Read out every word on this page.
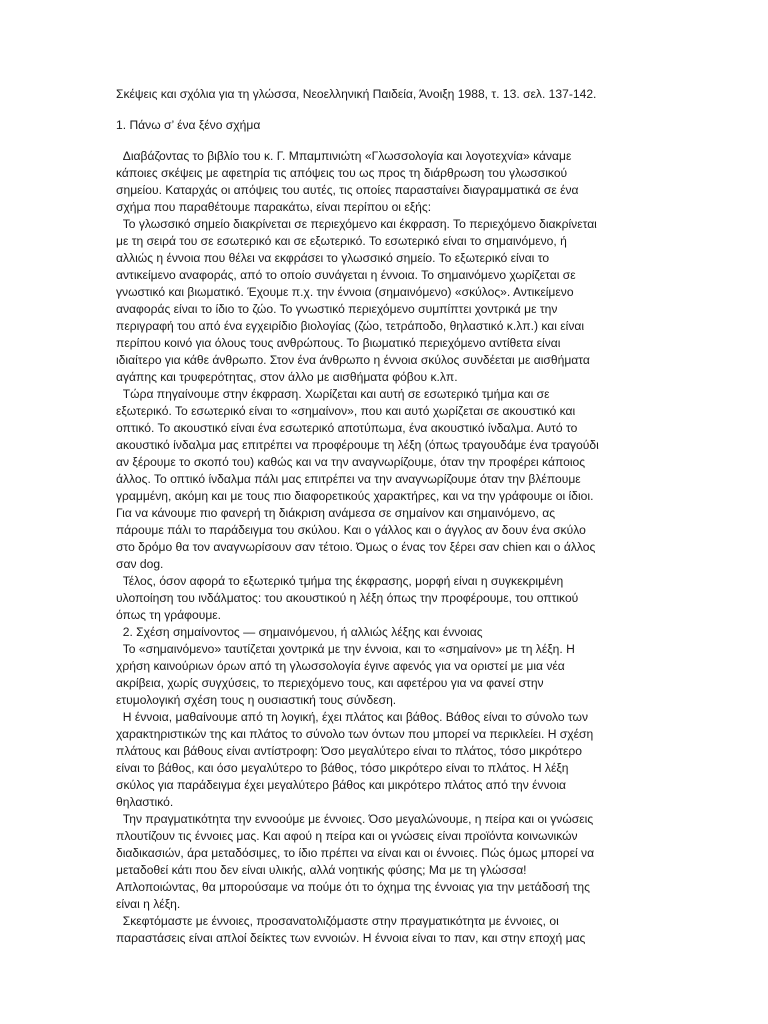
Σκέψεις και σχόλια για τη γλώσσα, Νεοελληνική Παιδεία, Άνοιξη 1988, τ. 13. σελ. 137-142.

1. Πάνω σ’ ένα ξένο σχήμα

Διαβάζοντας το βιβλίο του κ. Γ. Μπαμπινιώτη «Γλωσσολογία και λογοτεχνία» κάναμε
κάποιες σκέψεις με αφετηρία τις απόψεις του ως προς τη διάρθρωση του γλωσσικού
σημείου. Καταρχάς οι απόψεις του αυτές, τις οποίες παρασταίνει διαγραμματικά σε ένα
σχήμα που παραθέτουμε παρακάτω, είναι περίπου οι εξής:

Το γλωσσικό σημείο διακρίνεται σε περιεχόμενο και έκφραση. Το περιεχόμενο διακρίνεται
με τη σειρά του σε εσωτερικό και σε εξωτερικό. Το εσωτερικό είναι το σημαινόμενο, ή
αλλιώς η έννοια που θέλει να εκφράσει το γλωσσικό σημείο. Το εξωτερικό είναι το
αντικείμενο αναφοράς, από το οποίο συνάγεται η έννοια. Το σημαινόμενο χωρίζεται σε
γνωστικό και βιωματικό. Έχουμε π.χ. την έννοια (σημαινόμενο) «σκύλος». Αντικείμενο
αναφοράς είναι το ίδιο το ζώο. Το γνωστικό περιεχόμενο συμπίπτει χοντρικά με την
περιγραφή του από ένα εγχειρίδιο βιολογίας (ζώο, τετράποδο, θηλαστικό κ.λπ.) και είναι
περίπου κοινό για όλους τους ανθρώπους. Το βιωματικό περιεχόμενο αντίθετα είναι
ιδιαίτερο για κάθε άνθρωπο. Στον ένα άνθρωπο η έννοια σκύλος συνδέεται με αισθήματα
αγάπης και τρυφερότητας, στον άλλο με αισθήματα φόβου κ.λπ.

Τώρα πηγαίνουμε στην έκφραση. Χωρίζεται και αυτή σε εσωτερικό τμήμα και σε
εξωτερικό. Το εσωτερικό είναι το «σημαίνον», που και αυτό χωρίζεται σε ακουστικό και
οπτικό. Το ακουστικό είναι ένα εσωτερικό αποτύπωμα, ένα ακουστικό ίνδαλμα. Αυτό το
ακουστικό ίνδαλμα μας επιτρέπει να προφέρουμε τη λέξη (όπως τραγουδάμε ένα τραγούδι
αν ξέρουμε το σκοπό του) καθώς και να την αναγνωρίζουμε, όταν την προφέρει κάποιος
άλλος. Το οπτικό ίνδαλμα πάλι μας επιτρέπει να την αναγνωρίζουμε όταν την βλέπουμε
γραμμένη, ακόμη και με τους πιο διαφορετικούς χαρακτήρες, και να την γράφουμε οι ίδιοι.
Για να κάνουμε πιο φανερή τη διάκριση ανάμεσα σε σημαίνον και σημαινόμενο, ας
πάρουμε πάλι το παράδειγμα του σκύλου. Και ο γάλλος και ο άγγλος αν δουν ένα σκύλο
στο δρόμο θα τον αναγνωρίσουν σαν τέτοιο. Όμως ο ένας τον ξέρει σαν chien και ο άλλος
σαν dog.

Τέλος, όσον αφορά το εξωτερικό τμήμα της έκφρασης, μορφή είναι η συγκεκριμένη
υλοποίηση του ινδάλματος: του ακουστικού η λέξη όπως την προφέρουμε, του οπτικού
όπως τη γράφουμε.

2. Σχέση σημαίνοντος — σημαινόμενου, ή αλλιώς λέξης και έννοιας

Το «σημαινόμενο» ταυτίζεται χοντρικά με την έννοια, και το «σημαίνον» με τη λέξη. Η
χρήση καινούριων όρων από τη γλωσσολογία έγινε αφενός για να οριστεί με μια νέα
ακρίβεια, χωρίς συγχύσεις, το περιεχόμενο τους, και αφετέρου για να φανεί στην
ετυμολογική σχέση τους η ουσιαστική τους σύνδεση.

Η έννοια, μαθαίνουμε από τη λογική, έχει πλάτος και βάθος. Βάθος είναι το σύνολο των
χαρακτηριστικών της και πλάτος το σύνολο των όντων που μπορεί να περικλείει. Η σχέση
πλάτους και βάθους είναι αντίστροφη: Όσο μεγαλύτερο είναι το πλάτος, τόσο μικρότερο
είναι το βάθος, και όσο μεγαλύτερο το βάθος, τόσο μικρότερο είναι το πλάτος. Η λέξη
σκύλος για παράδειγμα έχει μεγαλύτερο βάθος και μικρότερο πλάτος από την έννοια
θηλαστικό.

Την πραγματικότητα την εννοούμε με έννοιες. Όσο μεγαλώνουμε, η πείρα και οι γνώσεις
πλουτίζουν τις έννοιες μας. Και αφού η πείρα και οι γνώσεις είναι προϊόντα κοινωνικών
διαδικασιών, άρα μεταδόσιμες, το ίδιο πρέπει να είναι και οι έννοιες. Πώς όμως μπορεί να
μεταδοθεί κάτι που δεν είναι υλικής, αλλά νοητικής φύσης; Μα με τη γλώσσα!
Απλοποιώντας, θα μπορούσαμε να πούμε ότι το όχημα της έννοιας για την μετάδοσή της
είναι η λέξη.

Σκεφτόμαστε με έννοιες, προσανατολιζόμαστε στην πραγματικότητα με έννοιες, οι
παραστάσεις είναι απλοί δείκτες των εννοιών. Η έννοια είναι το παν, και στην εποχή μας
